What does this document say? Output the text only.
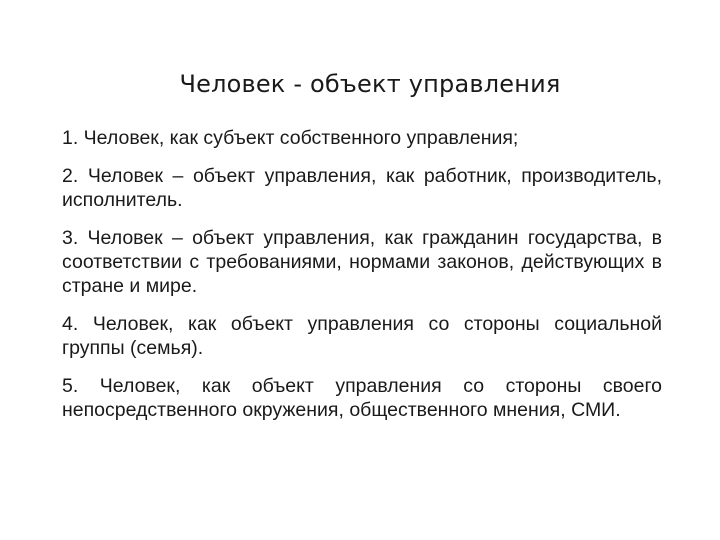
Человек - объект управления
1. Человек, как субъект собственного управления;
2. Человек – объект управления, как работник, производитель, исполнитель.
3. Человек – объект управления, как гражданин государства, в соответствии с требованиями, нормами законов, действующих в стране и мире.
4. Человек, как объект управления со стороны социальной группы (семья).
5. Человек, как объект управления со стороны своего непосредственного окружения, общественного мнения, СМИ.
